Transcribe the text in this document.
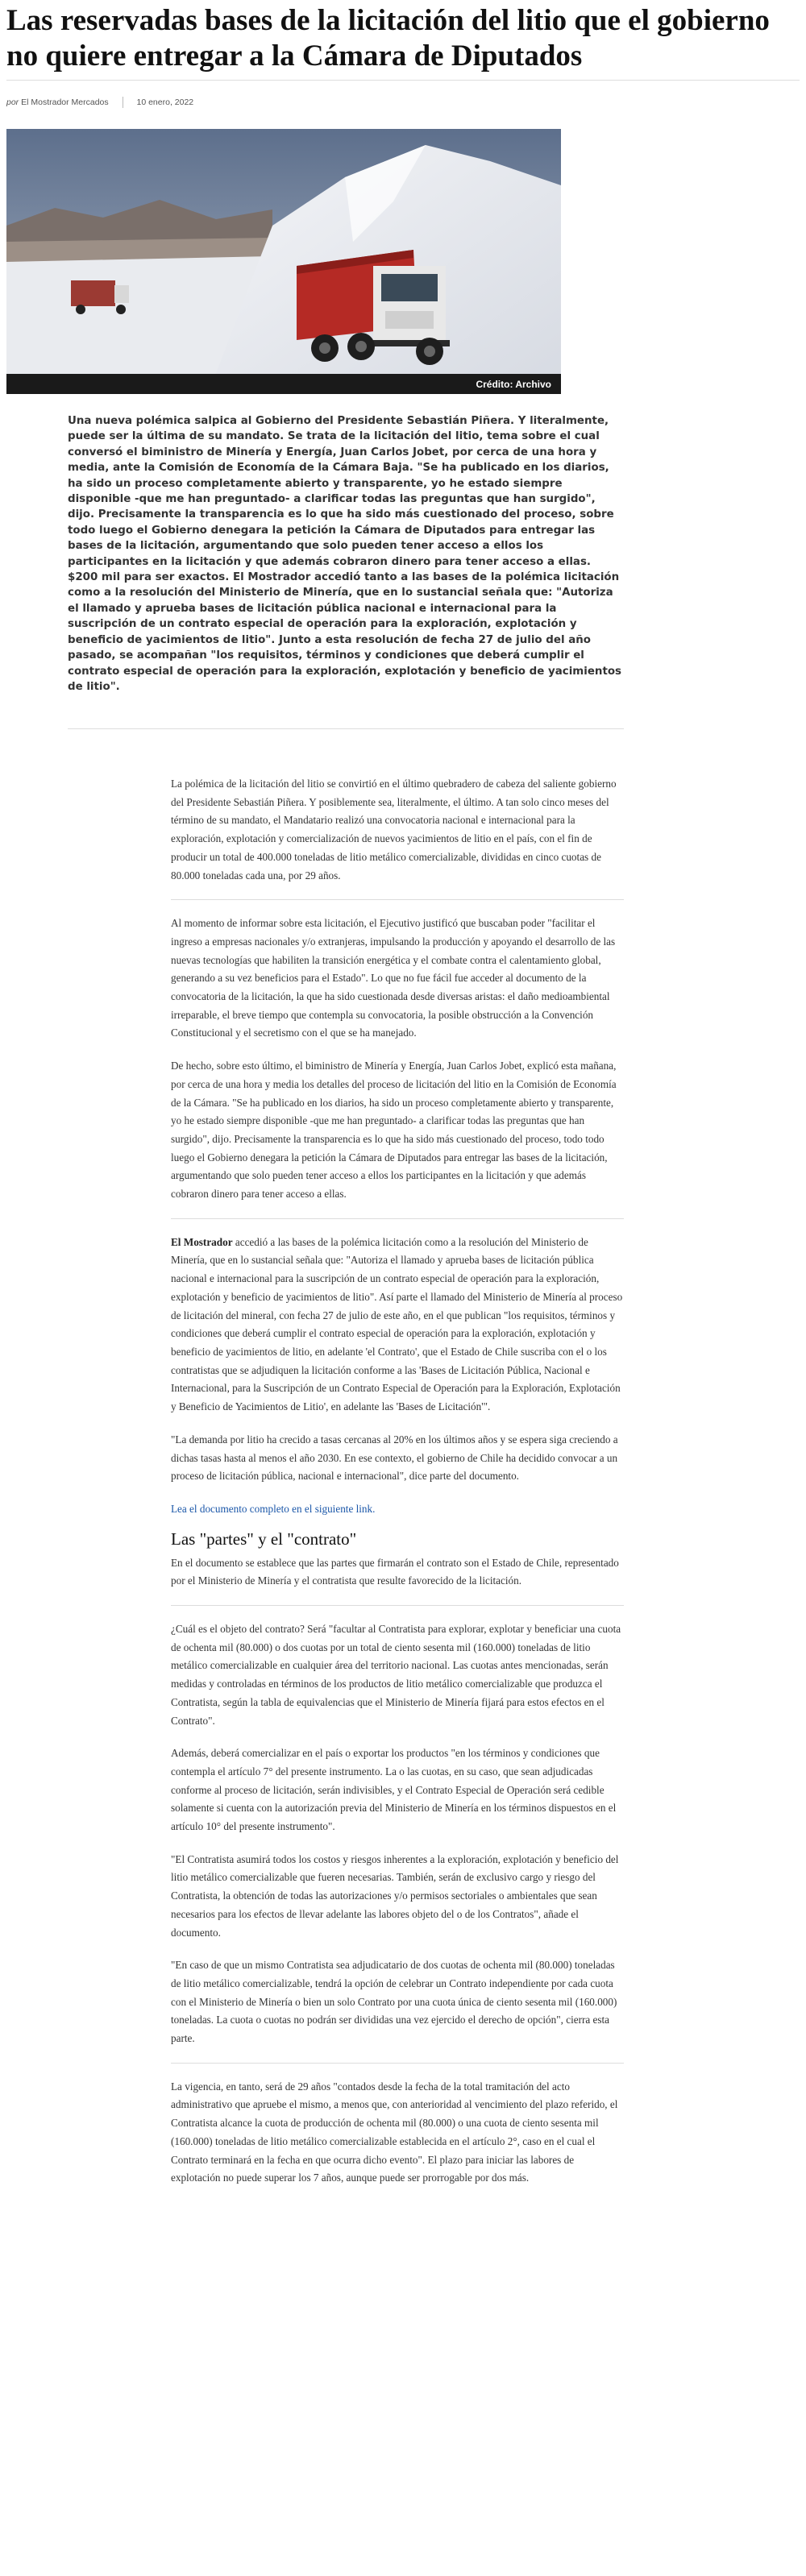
Las reservadas bases de la licitación del litio que el gobierno no quiere entregar a la Cámara de Diputados
por El Mostrador Mercados	10 enero, 2022
Crédito: Archivo

Una nueva polémica salpica al Gobierno del Presidente Sebastián Piñera. Y literalmente, puede ser la última de su mandato. Se trata de la licitación del litio, tema sobre el cual conversó el biministro de Minería y Energía, Juan Carlos Jobet, por cerca de una hora y media, ante la Comisión de Economía de la Cámara Baja. "Se ha publicado en los diarios, ha sido un proceso completamente abierto y transparente, yo he estado siempre disponible -que me han preguntado- a clarificar todas las preguntas que han surgido", dijo. Precisamente la transparencia es lo que ha sido más cuestionado del proceso, sobre todo luego el Gobierno denegara la petición la Cámara de Diputados para entregar las bases de la licitación, argumentando que solo pueden tener acceso a ellos los participantes en la licitación y que además cobraron dinero para tener acceso a ellas. $200 mil para ser exactos. El Mostrador accedió tanto a las bases de la polémica licitación como a la resolución del Ministerio de Minería, que en lo sustancial señala que: "Autoriza el llamado y aprueba bases de licitación pública nacional e internacional para la suscripción de un contrato especial de operación para la exploración, explotación y beneficio de yacimientos de litio". Junto a esta resolución de fecha 27 de julio del año pasado, se acompañan "los requisitos, términos y condiciones que deberá cumplir el contrato especial de operación para la exploración, explotación y beneficio de yacimientos de litio".

La polémica de la licitación del litio se convirtió en el último quebradero de cabeza del saliente gobierno del Presidente Sebastián Piñera. Y posiblemente sea, literalmente, el último. A tan solo cinco meses del término de su mandato, el Mandatario realizó una convocatoria nacional e internacional para la exploración, explotación y comercialización de nuevos yacimientos de litio en el país, con el fin de producir un total de 400.000 toneladas de litio metálico comercializable, divididas en cinco cuotas de 80.000 toneladas cada una, por 29 años.

Al momento de informar sobre esta licitación, el Ejecutivo justificó que buscaban poder "facilitar el ingreso a empresas nacionales y/o extranjeras, impulsando la producción y apoyando el desarrollo de las nuevas tecnologías que habiliten la transición energética y el combate contra el calentamiento global, generando a su vez beneficios para el Estado". Lo que no fue fácil fue acceder al documento de la convocatoria de la licitación, la que ha sido cuestionada desde diversas aristas: el daño medioambiental irreparable, el breve tiempo que contempla su convocatoria, la posible obstrucción a la Convención Constitucional y el secretismo con el que se ha manejado.

De hecho, sobre esto último, el biministro de Minería y Energía, Juan Carlos Jobet, explicó esta mañana, por cerca de una hora y media los detalles del proceso de licitación del litio en la Comisión de Economía de la Cámara. "Se ha publicado en los diarios, ha sido un proceso completamente abierto y transparente, yo he estado siempre disponible -que me han preguntado- a clarificar todas las preguntas que han surgido", dijo. Precisamente la transparencia es lo que ha sido más cuestionado del proceso, todo todo luego el Gobierno denegara la petición la Cámara de Diputados para entregar las bases de la licitación, argumentando que solo pueden tener acceso a ellos los participantes en la licitación y que además cobraron dinero para tener acceso a ellas.

El Mostrador accedió a las bases de la polémica licitación como a la resolución del Ministerio de Minería, que en lo sustancial señala que: "Autoriza el llamado y aprueba bases de licitación pública nacional e internacional para la suscripción de un contrato especial de operación para la exploración, explotación y beneficio de yacimientos de litio". Así parte el llamado del Ministerio de Minería al proceso de licitación del mineral, con fecha 27 de julio de este año, en el que publican "los requisitos, términos y condiciones que deberá cumplir el contrato especial de operación para la exploración, explotación y beneficio de yacimientos de litio, en adelante 'el Contrato', que el Estado de Chile suscriba con el o los contratistas que se adjudiquen la licitación conforme a las 'Bases de Licitación Pública, Nacional e Internacional, para la Suscripción de un Contrato Especial de Operación para la Exploración, Explotación y Beneficio de Yacimientos de Litio', en adelante las 'Bases de Licitación'".

"La demanda por litio ha crecido a tasas cercanas al 20% en los últimos años y se espera siga creciendo a dichas tasas hasta al menos el año 2030. En ese contexto, el gobierno de Chile ha decidido convocar a un proceso de licitación pública, nacional e internacional", dice parte del documento.

Lea el documento completo en el siguiente link.

Las "partes" y el "contrato"

En el documento se establece que las partes que firmarán el contrato son el Estado de Chile, representado por el Ministerio de Minería y el contratista que resulte favorecido de la licitación.

¿Cuál es el objeto del contrato? Será "facultar al Contratista para explorar, explotar y beneficiar una cuota de ochenta mil (80.000) o dos cuotas por un total de ciento sesenta mil (160.000) toneladas de litio metálico comercializable en cualquier área del territorio nacional. Las cuotas antes mencionadas, serán medidas y controladas en términos de los productos de litio metálico comercializable que produzca el Contratista, según la tabla de equivalencias que el Ministerio de Minería fijará para estos efectos en el Contrato".

Además, deberá comercializar en el país o exportar los productos "en los términos y condiciones que contempla el artículo 7° del presente instrumento. La o las cuotas, en su caso, que sean adjudicadas conforme al proceso de licitación, serán indivisibles, y el Contrato Especial de Operación será cedible solamente si cuenta con la autorización previa del Ministerio de Minería en los términos dispuestos en el artículo 10° del presente instrumento".

"El Contratista asumirá todos los costos y riesgos inherentes a la exploración, explotación y beneficio del litio metálico comercializable que fueren necesarias. También, serán de exclusivo cargo y riesgo del Contratista, la obtención de todas las autorizaciones y/o permisos sectoriales o ambientales que sean necesarios para los efectos de llevar adelante las labores objeto del o de los Contratos", añade el documento.

"En caso de que un mismo Contratista sea adjudicatario de dos cuotas de ochenta mil (80.000) toneladas de litio metálico comercializable, tendrá la opción de celebrar un Contrato independiente por cada cuota con el Ministerio de Minería o bien un solo Contrato por una cuota única de ciento sesenta mil (160.000) toneladas. La cuota o cuotas no podrán ser divididas una vez ejercido el derecho de opción", cierra esta parte.

La vigencia, en tanto, será de 29 años "contados desde la fecha de la total tramitación del acto administrativo que apruebe el mismo, a menos que, con anterioridad al vencimiento del plazo referido, el Contratista alcance la cuota de producción de ochenta mil (80.000) o una cuota de ciento sesenta mil (160.000) toneladas de litio metálico comercializable establecida en el artículo 2°, caso en el cual el Contrato terminará en la fecha en que ocurra dicho evento". El plazo para iniciar las labores de explotación no puede superar los 7 años, aunque puede ser prorrogable por dos más.
